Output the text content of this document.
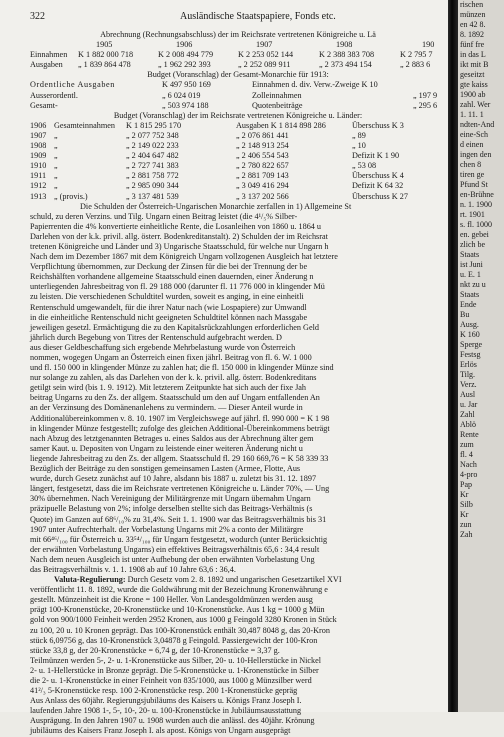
322	Ausländische Staatspapiere, Fonds etc.
Abrechnung (Rechnungsabschluss) der im Reichsrate vertretenen Königreiche u. Lä
1905	1906	1907	1908	190
Einnahmen K 1 882 000 718	K 2 008 494 779	K 2 253 052 144	K 2 388 383 708	K 2 795 7
Ausgaben „ 1 839 864 478	„ 1 962 292 393	„ 2 252 089 911	„ 2 373 494 154	„ 2 883 6
Budget (Voranschlag) der Gesamt-Monarchie für 1913:
Ordentliche Ausgaben	K 497 950 169	Einnahmen d. div. Verw.-Zweige K 10
Ausserordentl.	„ 6 024 019	Zolleinnahmen	„ 197 9
Gesamt-	„ 503 974 188	Quotenbeiträge	„ 295 6
Budget (Voranschlag) der im Reichsrate vertretenen Königreiche u. Länder:
1906 Gesamteinnahmen K 1 815 295 170	Ausgaben K 1 814 898 286	Überschuss K 3
1907 „	„ 2 077 752 348	„ 2 076 861 441	„ 89
1908 „	„ 2 149 022 233	„ 2 148 913 254	„ 10
1909 „	„ 2 404 647 482	„ 2 406 554 543	Defizit K 1 90
1910 „	„ 2 727 741 383	„ 2 780 822 657	„ 53 08
1911 „	„ 2 881 758 772	„ 2 881 709 143	Überschuss K 4
1912 „	„ 2 985 090 344	„ 3 049 416 294	Defizit K 64 32
1913 „ (provis.)	„ 3 137 481 539	„ 3 137 202 566	Überschuss K 27
Die Schulden der Österreich-Ungarischen Monarchie zerfallen in 1) Allgemeine St
schuld, zu deren Verzins. und Tilg. Ungarn einen Beitrag leistet (die 4¹/₅% Silber-
Papierrenten die 4% konvertierte einheitliche Rente, die Losanleihen von 1860 u. 1864 u
Darlehen von der k.k. privil. allg. österr. Bodenkreditanstalt). 2) Schulden der im Reichsrat
tretenen Königreiche und Länder und 3) Ungarische Staatsschuld, für welche nur Ungarn h
Nach dem im Dezember 1867 mit dem Königreich Ungarn vollzogenen Ausgleich hat letztere
Verpflichtung übernommen, zur Deckung der Zinsen für die bei der Trennung der be
Reichshälften vorhandene allgemeine Staatsschuld einen dauernden, einer Änderung n
unterliegenden Jahresbeitrag von fl. 29 188 000 (darunter fl. 11 776 000 in klingender Mü
zu leisten. Die verschiedenen Schuldtitel wurden, soweit es anging, in eine einheitli
Rentenschuld umgewandelt, für die ihrer Natur nach (wie Lospapiere) zur Umwandl
in die einheitliche Rentenschuld nicht geeigneten Schuldtitel können nach Massgabe
jeweiligen gesetzl. Ermächtigung die zu den Kapitalsrückzahlungen erforderlichen Geld
jährlich durch Begebung von Titres der Rentenschuld aufgebracht werden. D
aus dieser Geldbeschaffung sich ergebende Mehrbelastung wurde von Österreich
nommen, wogegen Ungarn an Österreich einen fixen jährl. Beitrag von fl. 6. W. 1 000
und fl. 150 000 in klingender Münze zu zahlen hat; die fl. 150 000 in klingender Münze sind
nur solange zu zahlen, als das Darlehen von der k. k. privil. allg. österr. Bodenkreditans
getilgt sein wird (bis 1. 9. 1912). Mit letzterem Zeitpunkte hat sich auch der fixe Jah
beitrag Ungarns zu den Zs. der allgem. Staatsschuld um den auf Ungarn entfallenden An
an der Verzinsung des Domänenanlehens zu vermindern. — Dieser Anteil wurde in
Additionalübereinkommen v. 8. 10. 1907 im Vergleichswege auf jährl. fl. 990 000 = K 1 98
in klingender Münze festgestellt; zufolge des gleichen Additional-Übereinkommens beträgt
nach Abzug des letztgenannten Betrages u. eines Saldos aus der Abrechnung älter gem
samer Kaut. u. Depositen von Ungarn zu leistende einer weiteren Änderung nicht u
liegende Jahresbeitrag zu den Zs. der allgem. Staatsschuld fl. 29 160 669,76 = K 58 339 33
Bezüglich der Beiträge zu den sonstigen gemeinsamen Lasten (Armee, Flotte, Aus
wurde, durch Gesetz zunächst auf 10 Jahre, alsdann bis 1887 u. zuletzt bis 31. 12. 1897
längert, festgesetzt, dass die im Reichsrate vertretenen Königreiche u. Länder 70%, — Ung
30% übernehmen. Nach Vereinigung der Militärgrenze mit Ungarn übernahm Ungarn
präzipuelle Belastung von 2%; infolge derselben stellte sich das Beitrags-Verhältnis (s
Quote) im Ganzen auf 68⁶/₁₀% zu 31,4%. Seit 1. 1. 1900 war das Beitragsverhältnis bis 31
1907 unter Aufrechterhalt. der Vorbelastung Ungarns mit 2% a conto der Militärgre
mit 66⁴⁶/₁₀₀ für Österreich u. 33⁵⁴/₁₀₀ für Ungarn festgesetzt, wodurch (unter Berücksichtig
der erwähnten Vorbelastung Ungarns) ein effektives Beitragsverhältnis 65,6 : 34,4 result
Nach dem neuen Ausgleich ist unter Aufhebung der oben erwähnten Vorbelastung Ung
das Beitragsverhältnis v. 1. 1. 1908 ab auf 10 Jahre 63,6 : 36,4.
Valuta-Regulierung: Durch Gesetz vom 2. 8. 1892 und ungarischen Gesetzartikel XVI
veröffentlicht 11. 8. 1892, wurde die Goldwährung mit der Bezeichnung Kronenwährung e
gestellt. Münzeinheit ist die Krone = 100 Heller. Von Landesgoldmünzen werden ausg
prägt 100-Kronenstücke, 20-Kronenstücke und 10-Kronenstücke. Aus 1 kg = 1000 g Mün
gold von 900/1000 Feinheit werden 2952 Kronen, aus 1000 g Feingold 3280 Kronen in Stück
zu 100, 20 u. 10 Kronen geprägt. Das 100-Kronenstück enthält 30,487 8048 g, das 20-Kron
stück 6,09756 g, das 10-Kronenstück 3,04878 g Feingold. Passiergewicht der 100-Kron
stücke 33,8 g, der 20-Kronenstücke = 6,74 g, der 10-Kronenstücke = 3,37 g.
Teilmünzen werden 5-, 2- u. 1-Kronenstücke aus Silber, 20- u. 10-Hellerstücke in Nickel
2- u. 1-Hellerstücke in Bronze geprägt. Die 5-Kronenstücke u. 1-Kronenstücke in Silber
die 2- u. 1-Kronenstücke in einer Feinheit von 835/1000, aus 1000 g Münzsilber werd
41²/₃ 5-Kronenstücke resp. 100 2-Kronenstücke resp. 200 1-Kronenstücke gepräg
Aus Anlass des 60jähr. Regierungsjubiläums des Kaisers u. Königs Franz Joseph I.
laufenden Jahre 1908 1-, 5-, 10-, 20- u. 100-Kronenstücke in Jubiläumsausstattung
Ausprägung. In den Jahren 1907 u. 1908 wurden auch die anlässl. des 40jähr. Krönung
jubiläums des Kaisers Franz Joseph I. als apost. Königs von Ungarn ausgeprägt
rischen
münzen
en 42 8.
8. 1892
fünf fre
in das L
ikt mit B
geseitzt
gte kaiss
1900 ab
zahl. Wer
1. 11. 1
ndten-And
eine-Sch
d einen
ingen den
chen 8
tiren ge
Pfund St
en-Brühne
n. 1. 1900
rt. 1901
s. fl. 1000
en. gebei
zlich be
Staats
ist Juni
u. E. 1
nkt zu u
Staats
Ende
Bu
Ausg.
K 160
Sperge
Festsg
Erlös
Tilg.
Verz.
Ausl
u. Jar
Zahl
Ablö
Rente
zum
fl. 4
Nach
4-pro
Pap
Kr
Silb
Kr
zun
Zah
